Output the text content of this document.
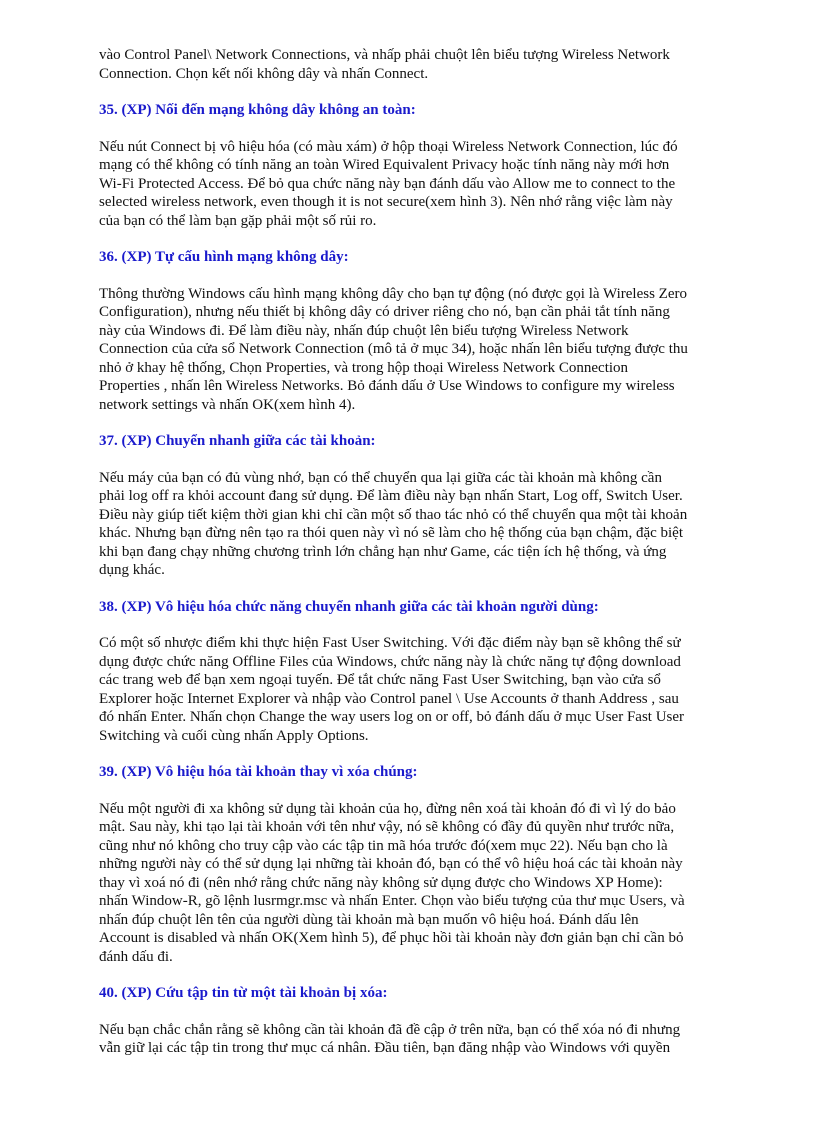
vào Control Panel\ Network Connections, và nhấp phải chuột lên biểu tượng Wireless Network
Connection. Chọn kết nối không dây và nhấn Connect.
35. (XP) Nối đến mạng không dây không an toàn:
Nếu nút Connect bị vô hiệu hóa (có màu xám) ở hộp thoại Wireless Network Connection, lúc đó
mạng có thể không có tính năng an toàn Wired Equivalent Privacy hoặc tính năng này mới hơn
Wi-Fi Protected Access. Để bỏ qua chức năng này bạn đánh dấu vào Allow me to connect to the
selected wireless network, even though it is not secure(xem hình 3). Nên nhớ rằng việc làm này
của bạn có thể làm bạn gặp phải một số rủi ro.
36. (XP) Tự cấu hình mạng không dây:
Thông thường Windows cấu hình mạng không dây cho bạn tự động (nó được gọi là Wireless Zero
Configuration), nhưng nếu thiết bị không dây có driver riêng cho nó, bạn cần phải tắt tính năng
này của Windows đi. Để làm điều này, nhấn đúp chuột lên biểu tượng Wireless Network
Connection của cửa sổ Network Connection (mô tả ở mục 34), hoặc nhấn lên biểu tượng được thu
nhỏ ở khay hệ thống, Chọn Properties, và trong hộp thoại Wireless Network Connection
Properties , nhấn lên Wireless Networks. Bỏ đánh dấu ở Use Windows to configure my wireless
network settings và nhấn OK(xem hình 4).
37. (XP) Chuyển nhanh giữa các tài khoản:
Nếu máy của bạn có đủ vùng nhớ, bạn có thể chuyển qua lại giữa các tài khoản mà không cần
phải log off ra khỏi account đang sử dụng. Để làm điều này bạn nhấn Start, Log off, Switch User.
Điều này giúp tiết kiệm thời gian khi chỉ cần một số thao tác nhỏ có thể chuyển qua một tài khoản
khác. Nhưng bạn đừng nên tạo ra thói quen này vì nó sẽ làm cho hệ thống của bạn chậm, đặc biệt
khi bạn đang chạy những chương trình lớn chẳng hạn như Game, các tiện ích hệ thống, và ứng
dụng khác.
38. (XP) Vô hiệu hóa chức năng chuyển nhanh giữa các tài khoản người dùng:
Có một số nhược điểm khi thực hiện Fast User Switching. Với đặc điểm này bạn sẽ không thể sử
dụng được chức năng Offline Files của Windows, chức năng này là chức năng tự động download
các trang web để bạn xem ngoại tuyến. Để tắt chức năng Fast User Switching, bạn vào cửa sổ
Explorer hoặc Internet Explorer và nhập vào Control panel \ Use Accounts ở thanh Address , sau
đó nhấn Enter. Nhấn chọn Change the way users log on or off, bỏ đánh dấu ở mục User Fast User
Switching và cuối cùng nhấn Apply Options.
39. (XP) Vô hiệu hóa tài khoản thay vì xóa chúng:
Nếu một người đi xa không sử dụng tài khoản của họ, đừng nên xoá tài khoản đó đi vì lý do bảo
mật. Sau này, khi tạo lại tài khoản với tên như vậy, nó sẽ không có đầy đủ quyền như trước nữa,
cũng như nó không cho truy cập vào các tập tin mã hóa trước đó(xem mục 22). Nếu bạn cho là
những người này có thể sử dụng lại những tài khoản đó, bạn có thể vô hiệu hoá các tài khoản này
thay vì xoá nó đi (nên nhớ rằng chức năng này không sử dụng được cho Windows XP Home):
nhấn Window-R, gõ lệnh lusrmgr.msc và nhấn Enter. Chọn vào biểu tượng của thư mục Users, và
nhấn đúp chuột lên tên của người dùng tài khoản mà bạn muốn vô hiệu hoá. Đánh dấu lên
Account is disabled và nhấn OK(Xem hình 5), để phục hồi tài khoản này đơn giản bạn chỉ cần bỏ
đánh dấu đi.
40. (XP) Cứu tập tin từ một tài khoản bị xóa:
Nếu bạn chắc chắn rằng sẽ không cần tài khoản đã đề cập ở trên nữa, bạn có thể xóa nó đi nhưng
vẫn giữ lại các tập tin trong thư mục cá nhân. Đầu tiên, bạn đăng nhập vào Windows với quyền
